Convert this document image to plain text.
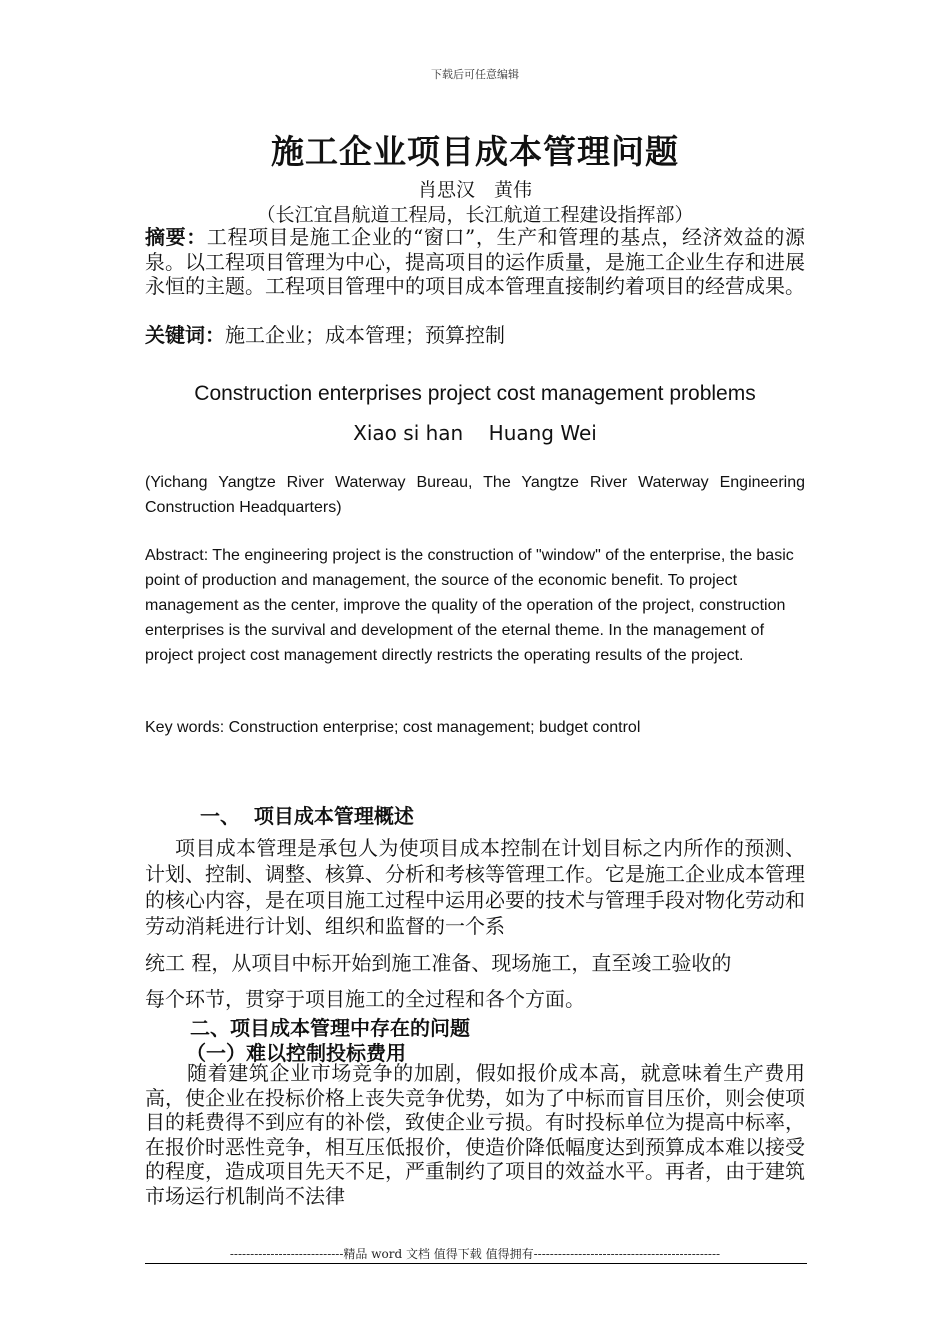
下载后可任意编辑
施工企业项目成本管理问题
肖思汉　黄伟
（长江宜昌航道工程局，长江航道工程建设指挥部）
摘要：工程项目是施工企业的“窗口”，生产和管理的基点，经济效益的源泉。以工程项目管理为中心，提高项目的运作质量，是施工企业生存和进展永恒的主题。工程项目管理中的项目成本管理直接制约着项目的经营成果。
关键词：施工企业；成本管理；预算控制
Construction enterprises project cost management problems
Xiao si han    Huang Wei
(Yichang Yangtze River Waterway Bureau, The Yangtze River Waterway Engineering Construction Headquarters)
Abstract: The engineering project is the construction of "window" of the enterprise, the basic point of production and management, the source of the economic benefit. To project management as the center, improve the quality of the operation of the project, construction enterprises is the survival and development of the eternal theme. In the management of project project cost management directly restricts the operating results of the project.
Key words: Construction enterprise; cost management; budget control
一、  项目成本管理概述
项目成本管理是承包人为使项目成本控制在计划目标之内所作的预测、计划、控制、调整、核算、分析和考核等管理工作。它是施工企业成本管理的核心内容，是在项目施工过程中运用必要的技术与管理手段对物化劳动和劳动消耗进行计划、组织和监督的一个系
统工 程，从项目中标开始到施工准备、现场施工，直至竣工验收的
每个环节，贯穿于项目施工的全过程和各个方面。
二、项目成本管理中存在的问题
（一）难以控制投标费用
随着建筑企业市场竞争的加剧，假如报价成本高，就意味着生产费用高，使企业在投标价格上丧失竞争优势，如为了中标而盲目压价，则会使项目的耗费得不到应有的补偿，致使企业亏损。有时投标单位为提高中标率，在报价时恶性竞争，相互压低报价，使造价降低幅度达到预算成本难以接受的程度，造成项目先天不足，严重制约了项目的效益水平。再者，由于建筑市场运行机制尚不法律
----------------------------精品 word 文档 值得下载 值得拥有----------------------------------------------
